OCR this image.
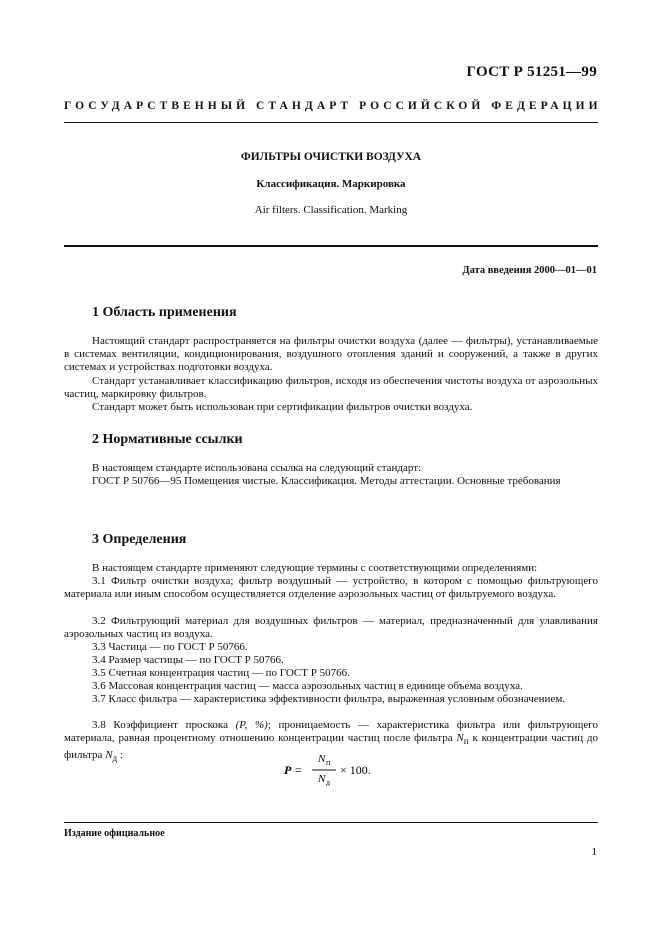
ГОСТ Р 51251—99
ГОСУДАРСТВЕННЫЙ СТАНДАРТ РОССИЙСКОЙ ФЕДЕРАЦИИ
ФИЛЬТРЫ ОЧИСТКИ ВОЗДУХА
Классификация. Маркировка
Air filters. Classification. Marking
Дата введения 2000—01—01
1 Область применения
Настоящий стандарт распространяется на фильтры очистки воздуха (далее — фильтры), устанавливаемые в системах вентиляции, кондиционирования, воздушного отопления зданий и сооружений, а также в других системах и устройствах подготовки воздуха.
Стандарт устанавливает классификацию фильтров, исходя из обеспечения чистоты воздуха от аэрозольных частиц, маркировку фильтров.
Стандарт может быть использован при сертификации фильтров очистки воздуха.
2 Нормативные ссылки
В настоящем стандарте использована ссылка на следующий стандарт:
ГОСТ Р 50766—95 Помещения чистые. Классификация. Методы аттестации. Основные требования
3 Определения
В настоящем стандарте применяют следующие термины с соответствующими определениями:
3.1 Фильтр очистки воздуха; фильтр воздушный — устройство, в котором с помощью фильтрующего материала или иным способом осуществляется отделение аэрозольных частиц от фильтруемого воздуха.
3.2 Фильтрующий материал для воздушных фильтров — материал, предназначенный для улавливания аэрозольных частиц из воздуха.
3.3 Частица — по ГОСТ Р 50766.
3.4 Размер частицы — по ГОСТ Р 50766.
3.5 Счетная концентрация частиц — по ГОСТ Р 50766.
3.6 Массовая концентрация частиц — масса аэрозольных частиц в единице объема воздуха.
3.7 Класс фильтра — характеристика эффективности фильтра, выраженная условным обозначением.
3.8 Коэффициент проскока (P, %); проницаемость — характеристика фильтра или фильтрующего материала, равная процентному отношению концентрации частиц после фильтра $N_п$ к концентрации частиц до фильтра $N_д$ :
P =
N п
N д
× 100.
Издание официальное
1
